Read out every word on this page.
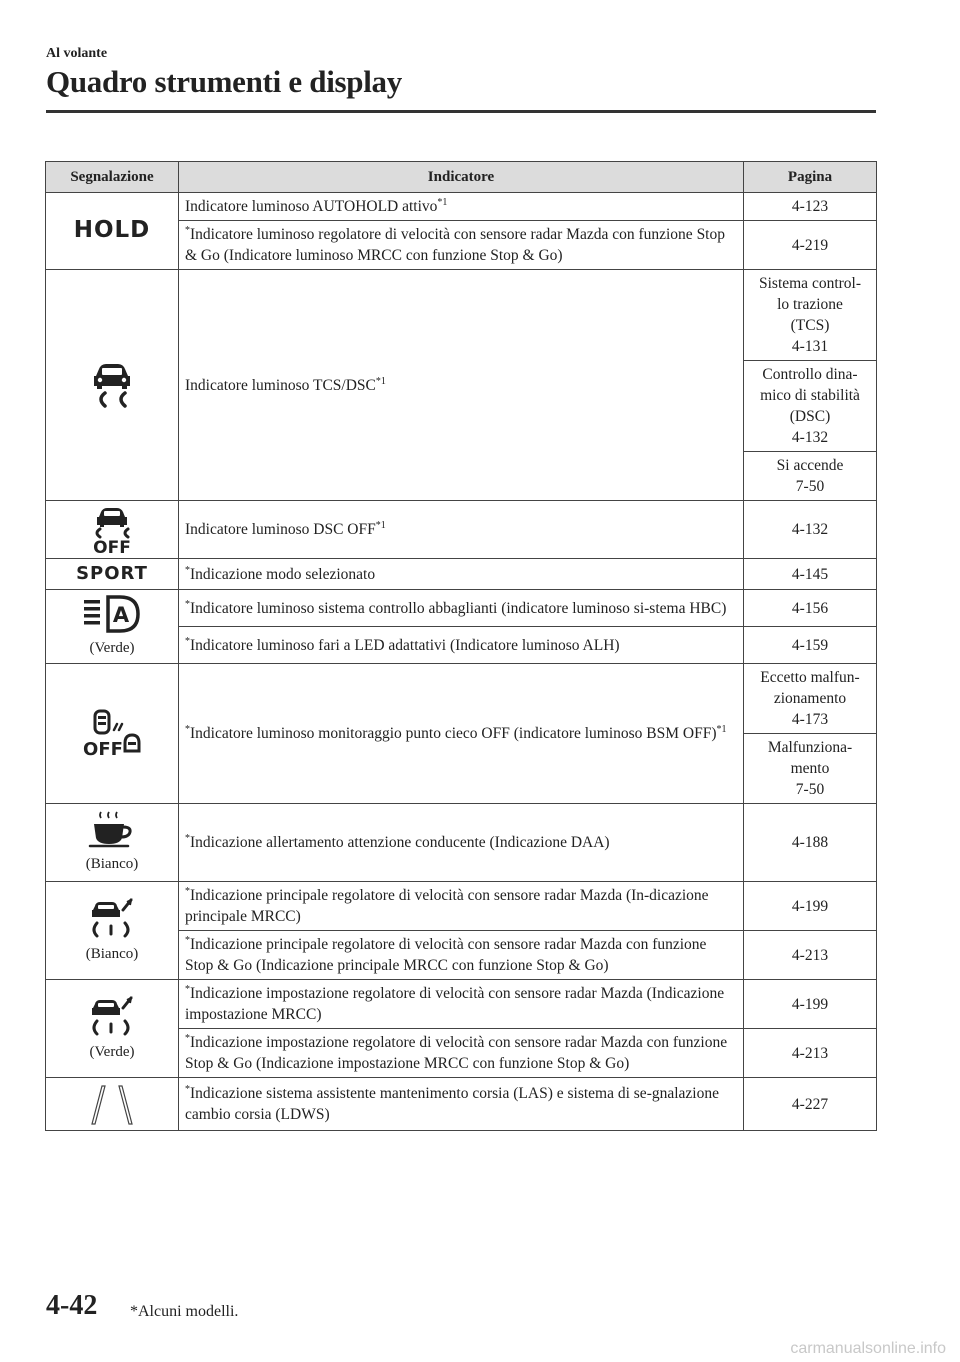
Al volante
Quadro strumenti e display
Segnalazione	Indicatore	Pagina
HOLD	Indicatore luminoso AUTOHOLD attivo$^{*1}$	4-123
	*Indicatore luminoso regolatore di velocità con sensore radar Mazda con funzione Stop & Go (Indicatore luminoso MRCC con funzione Stop & Go)	4-219

	Indicatore luminoso TCS/DSC$^{*1}$	Sistema control-
lo trazione
(TCS)
4-131

		Controllo dina-
mico di stabilità
(DSC)
4-132

		Si accende
7-50

OFF	Indicatore luminoso DSC OFF$^{*1}$	4-132
SPORT	*Indicazione modo selezionato	4-145

A
(Verde)	*Indicatore luminoso sistema controllo abbaglianti (indicatore luminoso si-stema HBC)	4-156
	*Indicatore luminoso fari a LED adattativi (Indicatore luminoso ALH)	4-159

OFF	*Indicatore luminoso monitoraggio punto cieco OFF (indicatore luminoso BSM OFF)$^{*1}$	Eccetto malfun-
zionamento
4-173

		Malfunziona-
mento
7-50

(Bianco)	*Indicazione allertamento attenzione conducente (Indicazione DAA)	4-188

(Bianco)	*Indicazione principale regolatore di velocità con sensore radar Mazda (In-dicazione principale MRCC)	4-199
	*Indicazione principale regolatore di velocità con sensore radar Mazda con funzione Stop & Go (Indicazione principale MRCC con funzione Stop & Go)	4-213

(Verde)	*Indicazione impostazione regolatore di velocità con sensore radar Mazda (Indicazione impostazione MRCC)	4-199
	*Indicazione impostazione regolatore di velocità con sensore radar Mazda con funzione Stop & Go (Indicazione impostazione MRCC con funzione Stop & Go)	4-213

	*Indicazione sistema assistente mantenimento corsia (LAS) e sistema di se-gnalazione cambio corsia (LDWS)	4-227
4-42 *Alcuni modelli.
carmanualsonline.info
